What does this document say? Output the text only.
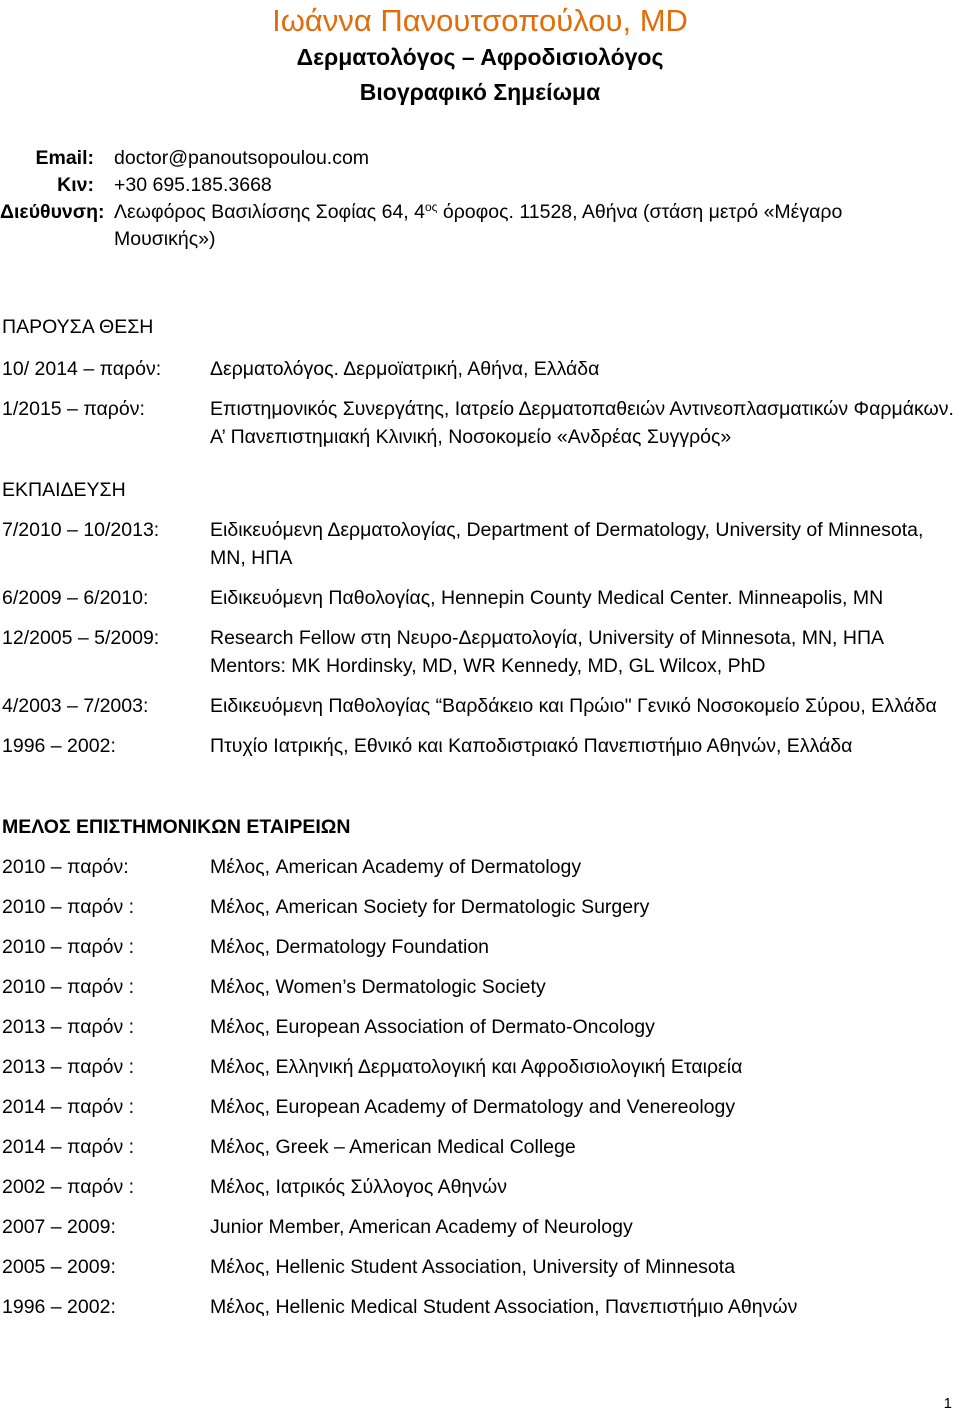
Ιωάννα Πανουτσοπούλου, MD
Δερματολόγος – Αφροδισιολόγος
Βιογραφικό Σημείωμα
Email:	doctor@panoutsopoulou.com
Κιν:	+30 695.185.3668
Διεύθυνση: Λεωφόρος Βασιλίσσης Σοφίας 64, $4^{o\varsigma}$ όροφος. 11528, Αθήνα (στάση μετρό «Μέγαρο Μουσικής»)
ΠΑΡΟΥΣΑ ΘΕΣΗ
10/ 2014 – παρόν:	Δερματολόγος. Δερμοϊατρική, Αθήνα, Ελλάδα
1/2015 – παρόν:	Επιστημονικός Συνεργάτης, Ιατρείο Δερματοπαθειών Αντινεοπλασματικών Φαρμάκων. Α’ Πανεπιστημιακή Κλινική, Νοσοκομείο «Ανδρέας Συγγρός»
ΕΚΠΑΙΔΕΥΣΗ
7/2010 – 10/2013:	Ειδικευόμενη Δερματολογίας, Department of Dermatology, University of Minnesota, MN, ΗΠΑ
6/2009 – 6/2010:	Ειδικευόμενη Παθολογίας, Hennepin County Medical Center. Minneapolis, MN
12/2005 – 5/2009:	Research Fellow στη Νευρο-Δερματολογία, University of Minnesota, MN, ΗΠΑ Mentors: MK Hordinsky, MD, WR Kennedy, MD, GL Wilcox, PhD
4/2003 – 7/2003:	Ειδικευόμενη Παθολογίας “Βαρδάκειο και Πρώιο" Γενικό Νοσοκομείο Σύρου, Ελλάδα
1996 – 2002:	Πτυχίο Ιατρικής, Εθνικό και Καποδιστριακό Πανεπιστήμιο Αθηνών, Ελλάδα
ΜΕΛΟΣ ΕΠΙΣΤΗΜΟΝΙΚΩΝ ΕΤΑΙΡΕΙΩΝ
2010 – παρόν:	Μέλος, American Academy of Dermatology
2010 – παρόν :	Μέλος, American Society for Dermatologic Surgery
2010 – παρόν :	Μέλος, Dermatology Foundation
2010 – παρόν :	Μέλος, Women’s Dermatologic Society
2013 – παρόν :	Μέλος, European Association of Dermato-Oncology
2013 – παρόν :	Μέλος, Ελληνική Δερματολογική και Αφροδισιολογική Εταιρεία
2014 – παρόν :	Μέλος, European Academy of Dermatology and Venereology
2014 – παρόν :	Μέλος, Greek – American Medical College
2002 – παρόν :	Μέλος, Ιατρικός Σύλλογος Αθηνών
2007 – 2009:	Junior Member, American Academy of Neurology
2005 – 2009:	Μέλος, Hellenic Student Association, University of Minnesota
1996 – 2002:	Μέλος, Hellenic Medical Student Association, Πανεπιστήμιο Αθηνών
1
